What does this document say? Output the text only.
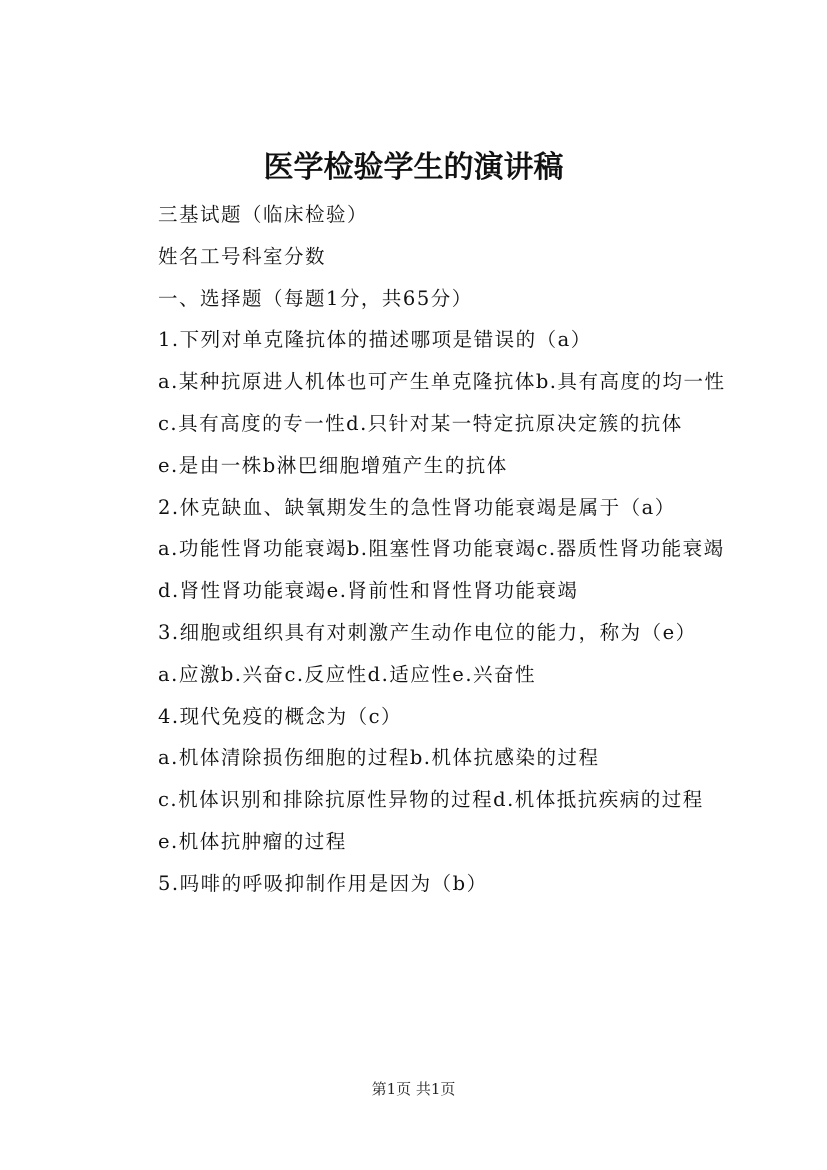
医学检验学生的演讲稿

三基试题（临床检验）

姓名工号科室分数

一、选择题（每题1分，共65分）

1.下列对单克隆抗体的描述哪项是错误的（a）

a.某种抗原进人机体也可产生单克隆抗体b.具有高度的均一性

c.具有高度的专一性d.只针对某一特定抗原决定簇的抗体

e.是由一株b淋巴细胞增殖产生的抗体

2.休克缺血、缺氧期发生的急性肾功能衰竭是属于（a）

a.功能性肾功能衰竭b.阻塞性肾功能衰竭c.器质性肾功能衰竭

d.肾性肾功能衰竭e.肾前性和肾性肾功能衰竭

3.细胞或组织具有对刺激产生动作电位的能力，称为（e）

a.应激b.兴奋c.反应性d.适应性e.兴奋性

4.现代免疫的概念为（c）

a.机体清除损伤细胞的过程b.机体抗感染的过程

c.机体识别和排除抗原性异物的过程d.机体抵抗疾病的过程

e.机体抗肿瘤的过程

5.吗啡的呼吸抑制作用是因为（b）

第1页 共1页
